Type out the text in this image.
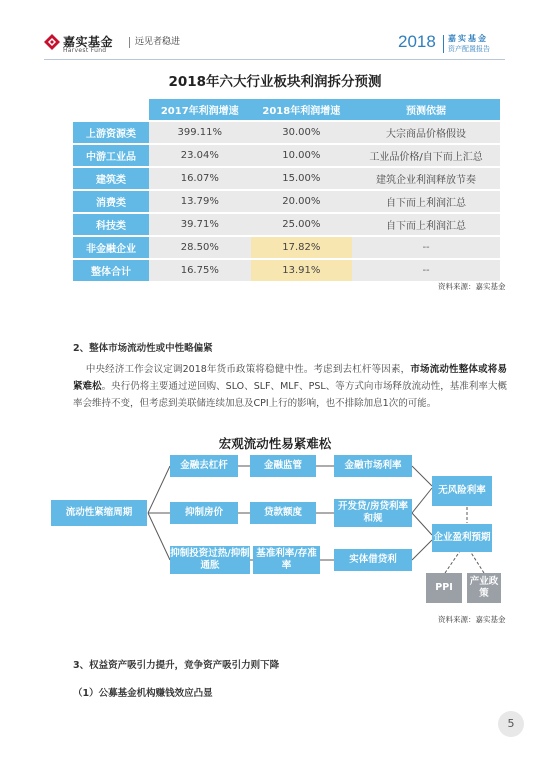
嘉实基金
Harvest Fund
远见者稳进	2018 嘉实基金
资产配置报告
2018年六大行业板块利润拆分预测
	2017年利润增速	2018年利润增速	预测依据
上游资源类	399.11%	30.00%	大宗商品价格假设
中游工业品	23.04%	10.00%	工业品价格/自下而上汇总
建筑类	16.07%	15.00%	建筑企业利润释放节奏
消费类	13.79%	20.00%	自下而上利润汇总
科技类	39.71%	25.00%	自下而上利润汇总
非金融企业	28.50%	17.82%	--
整体合计	16.75%	13.91%	--
资料来源：嘉实基金
2、整体市场流动性或中性略偏紧
中央经济工作会议定调2018年货币政策将稳健中性。考虑到去杠杆等因素，市场流动性整体或将易紧难松。央行仍将主要通过逆回购、SLO、SLF、MLF、PSL、等方式向市场释放流动性，基准利率大概率会维持不变，但考虑到美联储连续加息及CPI上行的影响，也不排除加息1次的可能。
宏观流动性易紧难松
流动性紧缩周期
金融去杠杆	金融监管	金融市场利率
抑制房价	贷款额度
开发贷/房贷利率和规
抑制投资过热/抑制通胀
基准利率/存准率
实体借贷利
无风险利率
企业盈利预期
PPI
产业政策
资料来源：嘉实基金
3、权益资产吸引力提升，竞争资产吸引力则下降
（1）公募基金机构赚钱效应凸显
5
